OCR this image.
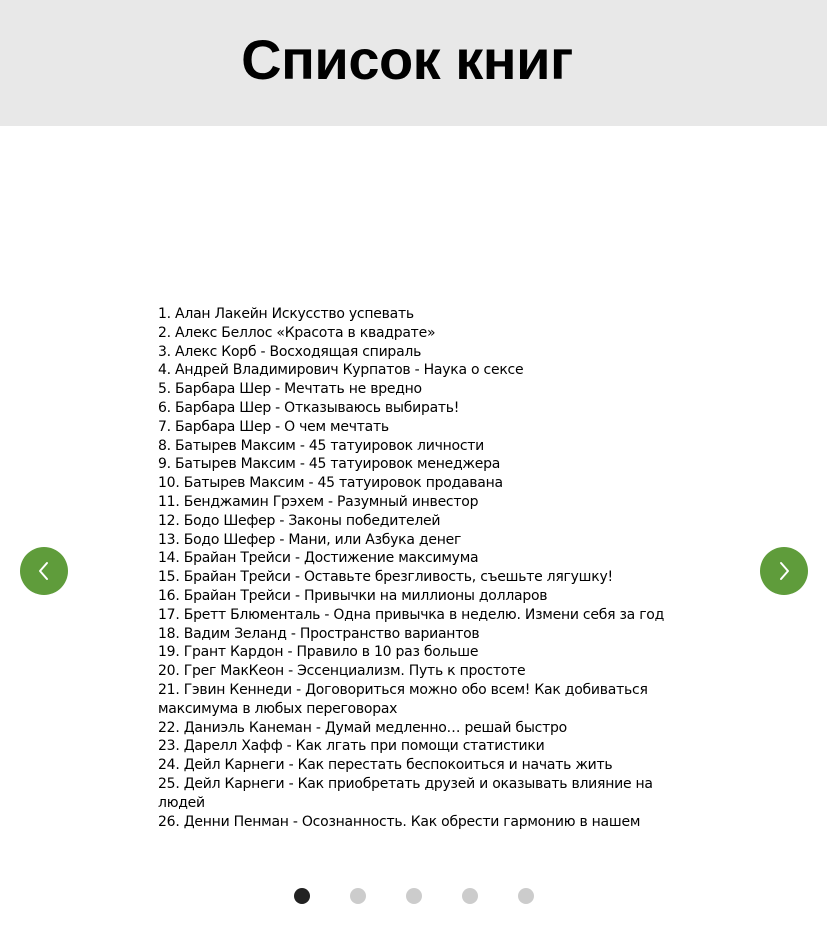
Список книг
1. Алан Лакейн Искусство успевать
2. Алекс Беллос «Красота в квадрате»
3. Алекс Корб - Восходящая спираль
4. Андрей Владимирович Курпатов - Наука о сексе
5. Барбара Шер - Мечтать не вредно
6. Барбара Шер - Отказываюсь выбирать!
7. Барбара Шер - О чем мечтать
8. Батырев Максим - 45 татуировок личности
9. Батырев Максим - 45 татуировок менеджера
10. Батырев Максим - 45 татуировок продавана
11. Бенджамин Грэхем - Разумный инвестор
12. Бодо Шефер - Законы победителей
13. Бодо Шефер - Мани, или Азбука денег
14. Брайан Трейси - Достижение максимума
15. Брайан Трейси - Оставьте брезгливость, съешьте лягушку!
16. Брайан Трейси - Привычки на миллионы долларов
17. Бретт Блюменталь - Одна привычка в неделю. Измени себя за год
18. Вадим Зеланд - Пространство вариантов
19. Грант Кардон - Правило в 10 раз больше
20. Грег МакКеон - Эссенциализм. Путь к простоте
21. Гэвин Кеннеди - Договориться можно обо всем! Как добиваться максимума в любых переговорах
22. Даниэль Канеман - Думай медленно… решай быстро
23. Дарелл Хафф - Как лгать при помощи статистики
24. Дейл Карнеги - Как перестать беспокоиться и начать жить
25. Дейл Карнеги - Как приобретать друзей и оказывать влияние на людей
26. Денни Пенман - Осознанность. Как обрести гармонию в нашем
